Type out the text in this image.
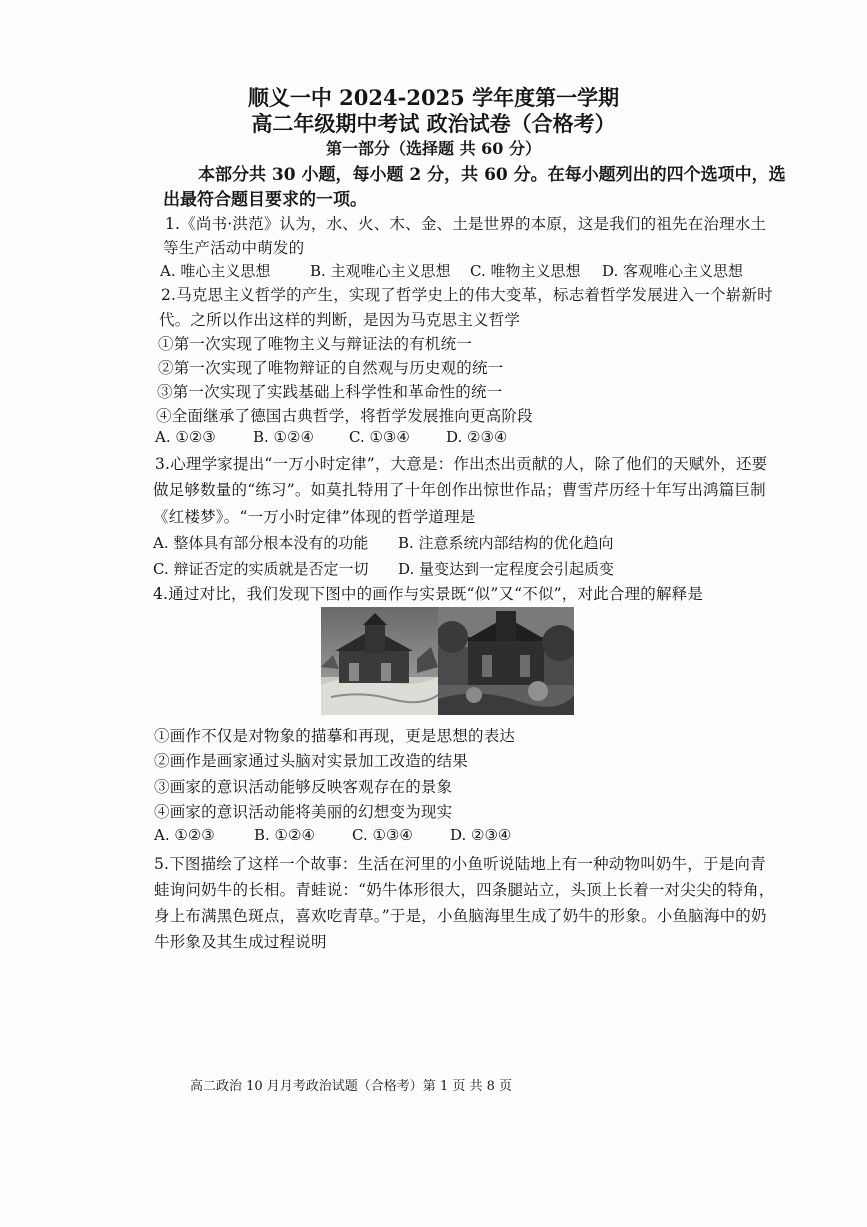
顺义一中 2024-2025 学年度第一学期
高二年级期中考试 政治试卷（合格考）
第一部分（选择题 共 60 分）
本部分共 30 小题，每小题 2 分，共 60 分。在每小题列出的四个选项中，选
出最符合题目要求的一项。
1.《尚书·洪范》认为，水、火、木、金、土是世界的本原，这是我们的祖先在治理水土
等生产活动中萌发的
A. 唯心主义思想	B. 主观唯心主义思想	C. 唯物主义思想	D. 客观唯心主义思想
2.马克思主义哲学的产生，实现了哲学史上的伟大变革，标志着哲学发展进入一个崭新时
代。之所以作出这样的判断，是因为马克思主义哲学
①第一次实现了唯物主义与辩证法的有机统一
②第一次实现了唯物辩证的自然观与历史观的统一
③第一次实现了实践基础上科学性和革命性的统一
④全面继承了德国古典哲学，将哲学发展推向更高阶段
A. ①②③	B. ①②④	C. ①③④	D. ②③④
3.心理学家提出“一万小时定律”，大意是：作出杰出贡献的人，除了他们的天赋外，还要
做足够数量的“练习”。如莫扎特用了十年创作出惊世作品；曹雪芹历经十年写出鸿篇巨制
《红楼梦》。“一万小时定律”体现的哲学道理是
A. 整体具有部分根本没有的功能	B. 注意系统内部结构的优化趋向
C. 辩证否定的实质就是否定一切	D. 量变达到一定程度会引起质变
4.通过对比，我们发现下图中的画作与实景既“似”又“不似”，对此合理的解释是
①画作不仅是对物象的描摹和再现，更是思想的表达
②画作是画家通过头脑对实景加工改造的结果
③画家的意识活动能够反映客观存在的景象
④画家的意识活动能将美丽的幻想变为现实
A. ①②③	B. ①②④	C. ①③④	D. ②③④
5.下图描绘了这样一个故事：生活在河里的小鱼听说陆地上有一种动物叫奶牛，于是向青
蛙询问奶牛的长相。青蛙说：“奶牛体形很大，四条腿站立，头顶上长着一对尖尖的特角，
身上布满黑色斑点，喜欢吃青草。”于是，小鱼脑海里生成了奶牛的形象。小鱼脑海中的奶
牛形象及其生成过程说明
高二政治 10 月月考政治试题（合格考）第 1 页 共 8 页
